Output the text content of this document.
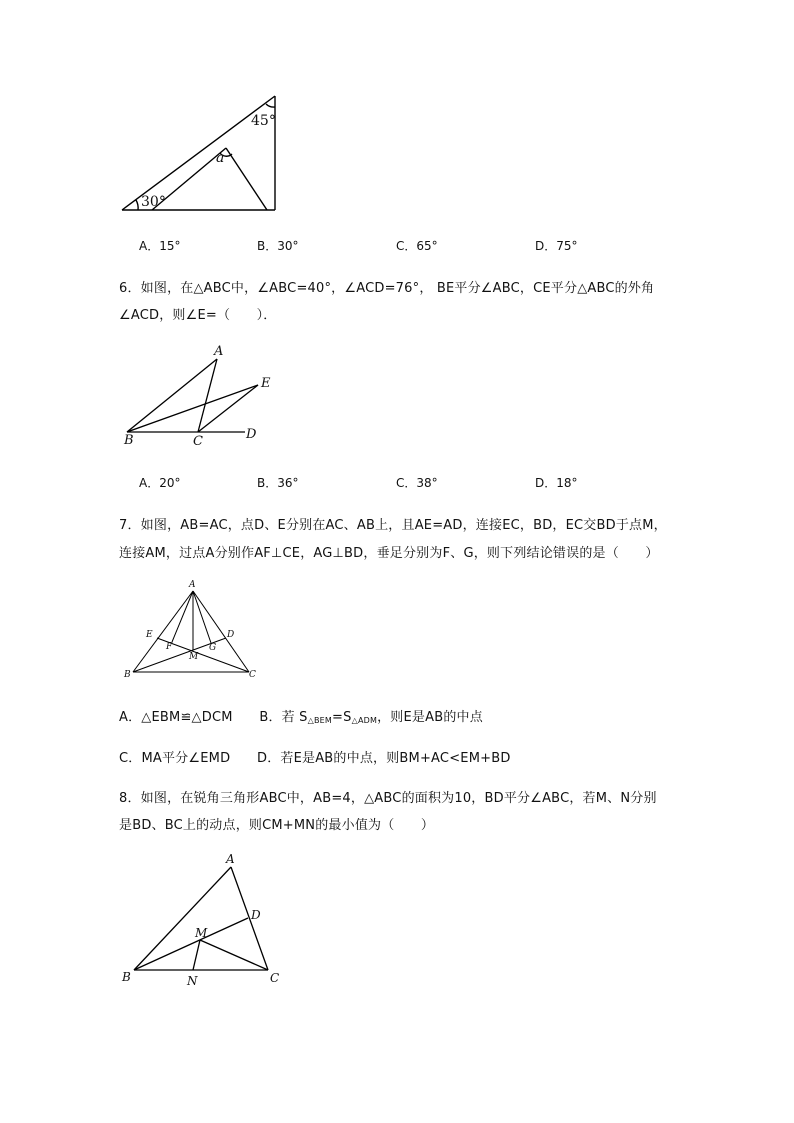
45°
30°
a
A．15°	B．30°	C．65°	D．75°
6．如图，在△ABC中，∠ABC=40°，∠ACD=76°， BE平分∠ABC，CE平分△ABC的外角
∠ACD，则∠E=（　　）．
A
E
B	C	D
A．20°	B．36°	C．38°	D．18°
7．如图，AB=AC，点D、E分别在AC、AB上，且AE=AD，连接EC，BD，EC交BD于点M，
连接AM，过点A分别作AF⊥CE，AG⊥BD，垂足分别为F、G，则下列结论错误的是（　　）
A
E	D
F	G
M
B	C
A．△EBM≌△DCM B．若 $S_{\triangle BEM}=S_{\triangle ADM}$，则E是AB的中点
C．MA平分∠EMD D．若E是AB的中点，则BM+AC<EM+BD
8．如图，在锐角三角形ABC中，AB=4，△ABC的面积为10，BD平分∠ABC，若M、N分别
是BD、BC上的动点，则CM+MN的最小值为（　　）
A
D
M
B	N	C
